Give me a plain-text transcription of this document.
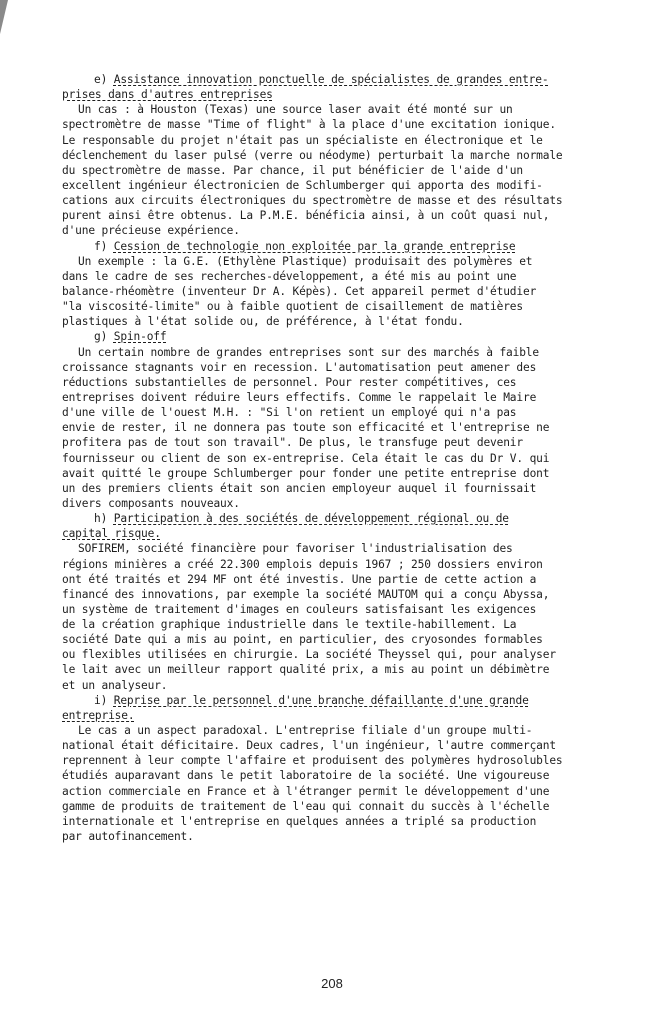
e) Assistance innovation ponctuelle de spécialistes de grandes entre-
prises dans d'autres entreprises
Un cas : à Houston (Texas) une source laser avait été monté sur un
spectromètre de masse "Time of flight" à la place d'une excitation ionique.
Le responsable du projet n'était pas un spécialiste en électronique et le
déclenchement du laser pulsé (verre ou néodyme) perturbait la marche normale
du spectromètre de masse. Par chance, il put bénéficier de l'aide d'un
excellent ingénieur électronicien de Schlumberger qui apporta des modifi-
cations aux circuits électroniques du spectromètre de masse et des résultats
purent ainsi être obtenus. La P.M.E. bénéficia ainsi, à un coût quasi nul,
d'une précieuse expérience.
f) Cession de technologie non exploitée par la grande entreprise
Un exemple : la G.E. (Ethylène Plastique) produisait des polymères et
dans le cadre de ses recherches-développement, a été mis au point une
balance-rhéomètre (inventeur Dr A. Képès). Cet appareil permet d'étudier
"la viscosité-limite" ou à faible quotient de cisaillement de matières
plastiques à l'état solide ou, de préférence, à l'état fondu.
g) Spin-off
Un certain nombre de grandes entreprises sont sur des marchés à faible
croissance stagnants voir en recession. L'automatisation peut amener des
réductions substantielles de personnel. Pour rester compétitives, ces
entreprises doivent réduire leurs effectifs. Comme le rappelait le Maire
d'une ville de l'ouest M.H. : "Si l'on retient un employé qui n'a pas
envie de rester, il ne donnera pas toute son efficacité et l'entreprise ne
profitera pas de tout son travail". De plus, le transfuge peut devenir
fournisseur ou client de son ex-entreprise. Cela était le cas du Dr V. qui
avait quitté le groupe Schlumberger pour fonder une petite entreprise dont
un des premiers clients était son ancien employeur auquel il fournissait
divers composants nouveaux.
h) Participation à des sociétés de développement régional ou de
capital risque.
SOFIREM, société financière pour favoriser l'industrialisation des
régions minières a créé 22.300 emplois depuis 1967 ; 250 dossiers environ
ont été traités et 294 MF ont été investis. Une partie de cette action a
financé des innovations, par exemple la société MAUTOM qui a conçu Abyssa,
un système de traitement d'images en couleurs satisfaisant les exigences
de la création graphique industrielle dans le textile-habillement. La
société Date qui a mis au point, en particulier, des cryosondes formables
ou flexibles utilisées en chirurgie. La société Theyssel qui, pour analyser
le lait avec un meilleur rapport qualité prix, a mis au point un débimètre
et un analyseur.
i) Reprise par le personnel d'une branche défaillante d'une grande
entreprise.
Le cas a un aspect paradoxal. L'entreprise filiale d'un groupe multi-
national était déficitaire. Deux cadres, l'un ingénieur, l'autre commerçant
reprennent à leur compte l'affaire et produisent des polymères hydrosolubles
étudiés auparavant dans le petit laboratoire de la société. Une vigoureuse
action commerciale en France et à l'étranger permit le développement d'une
gamme de produits de traitement de l'eau qui connait du succès à l'échelle
internationale et l'entreprise en quelques années a triplé sa production
par autofinancement.
208
